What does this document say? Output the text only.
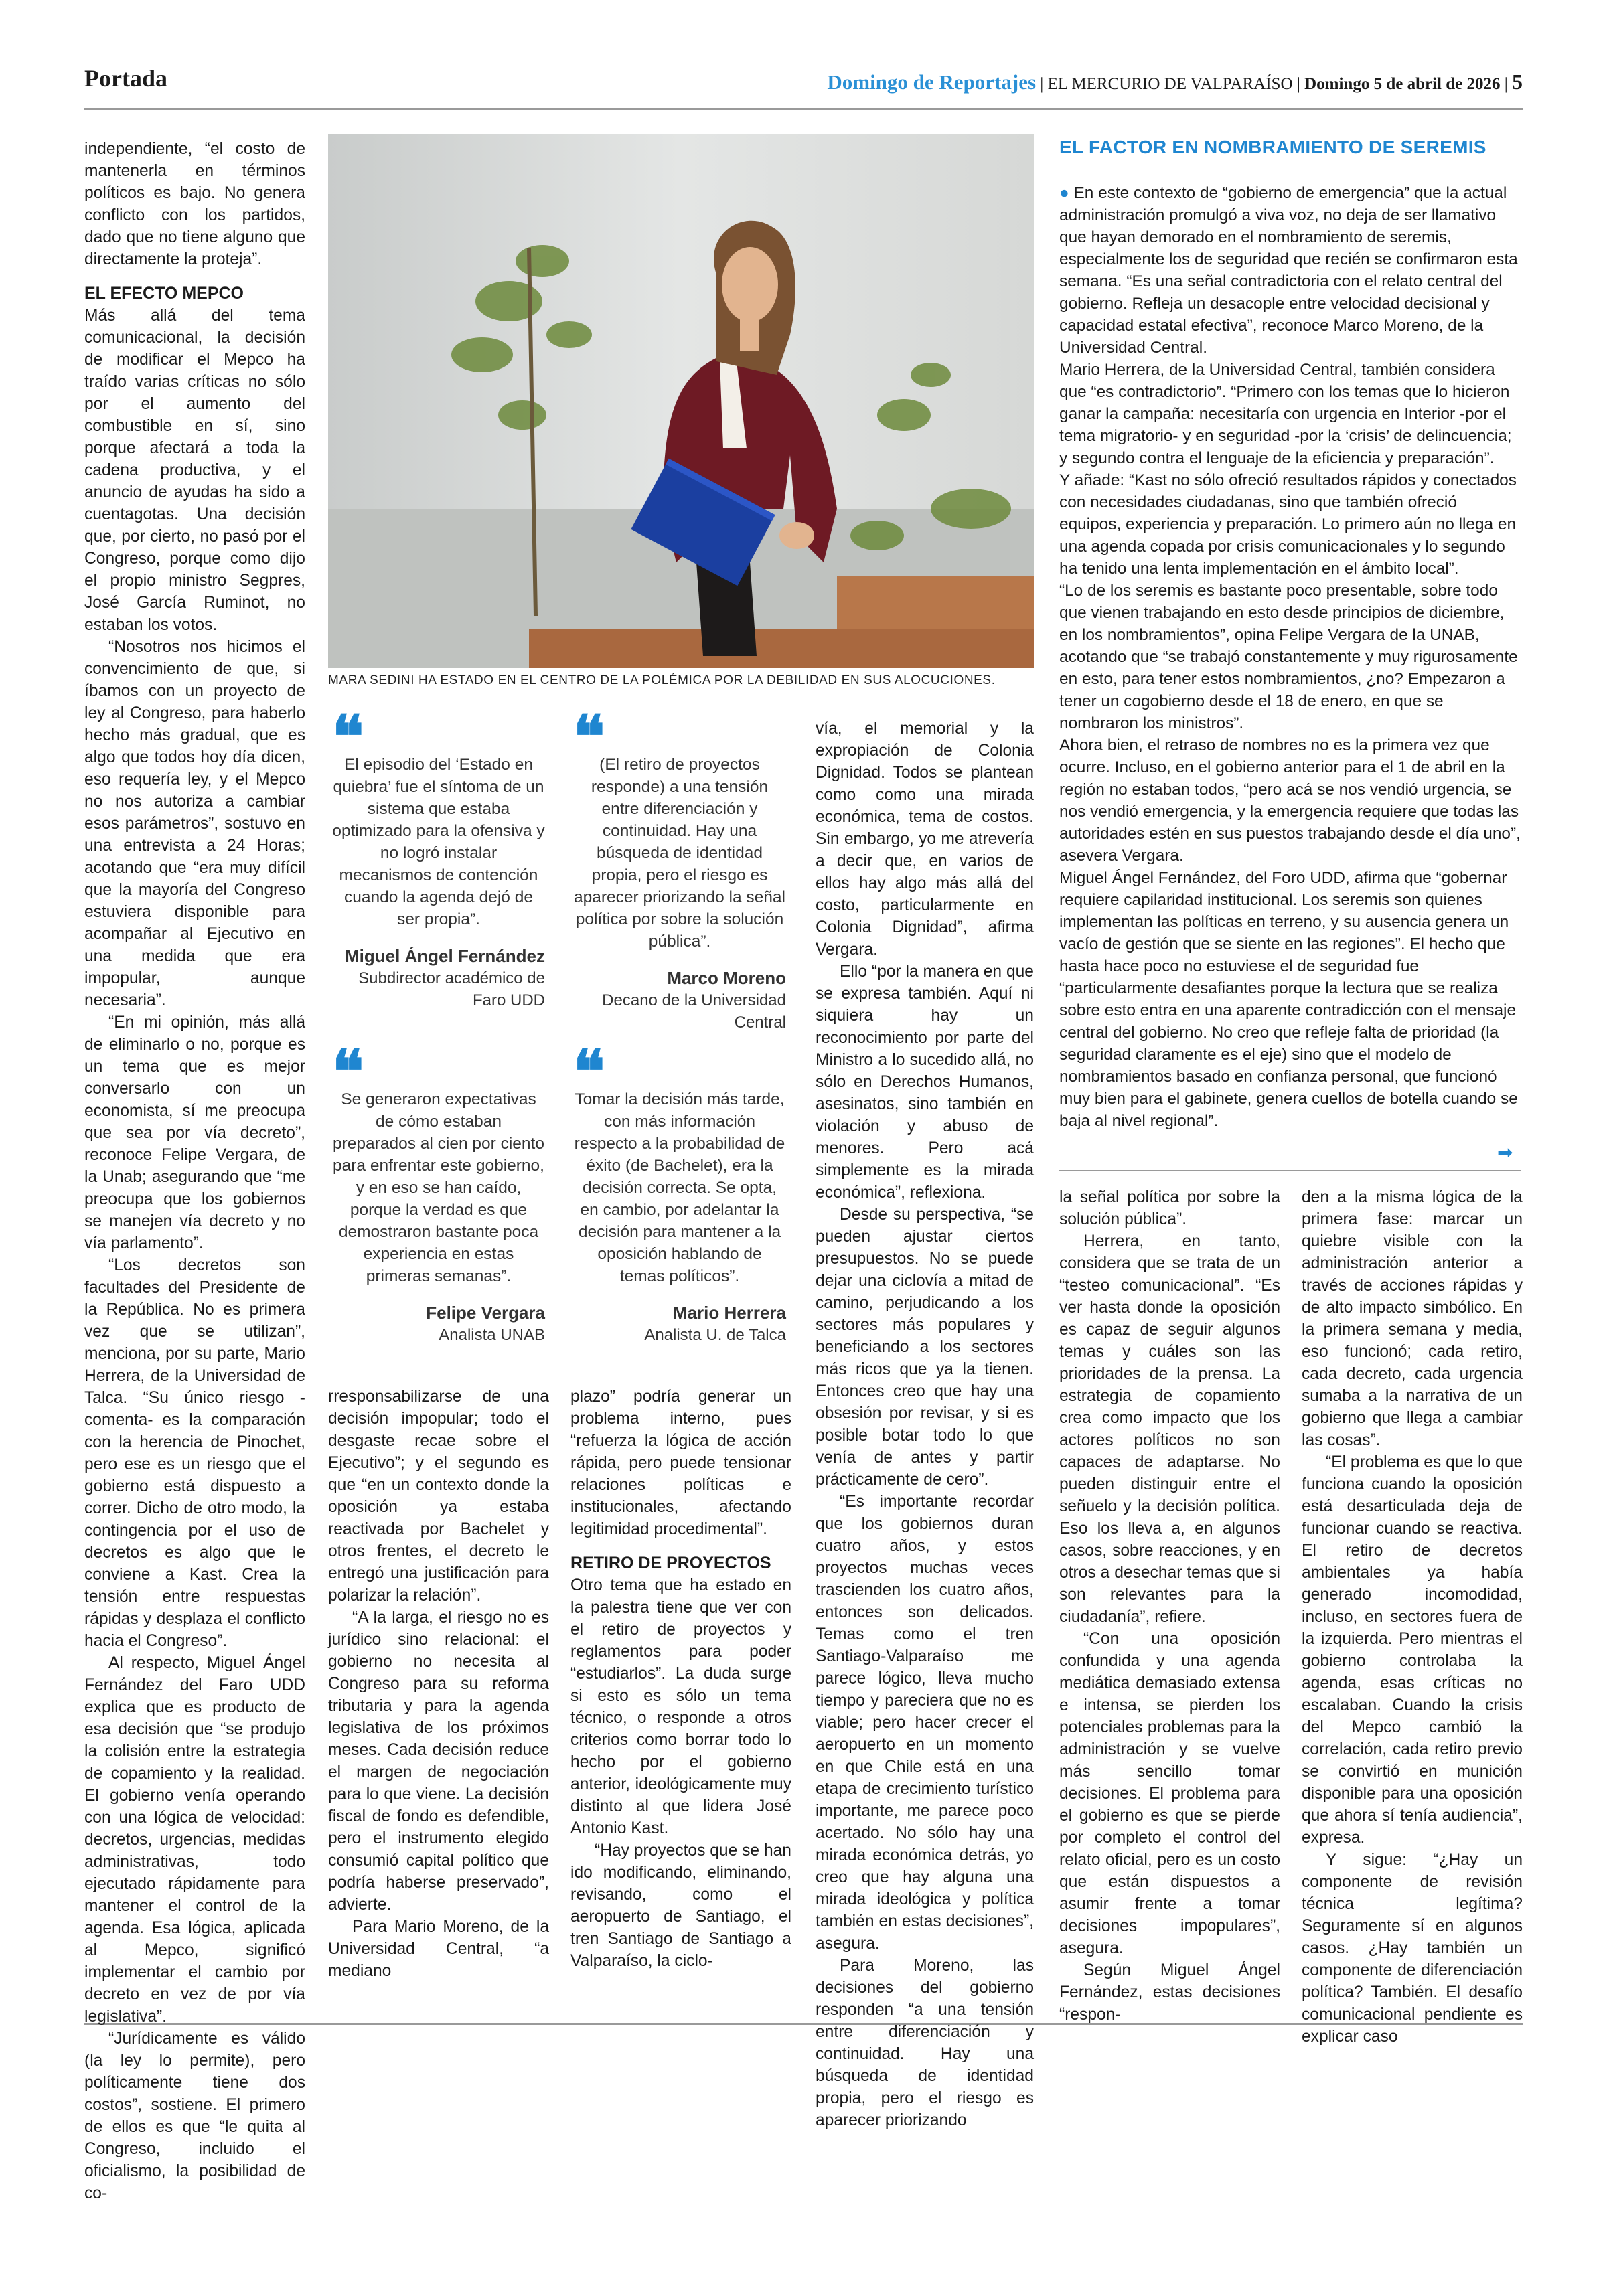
Portada	Domingo de Reportajes | EL MERCURIO DE VALPARAÍSO | Domingo 5 de abril de 2026 | 5

independiente, “el costo de mantenerla en términos políticos es bajo. No genera conflicto con los partidos, dado que no tiene alguno que directamente la proteja”.

EL EFECTO MEPCO

Más allá del tema comunicacional, la decisión de modificar el Mepco ha traído varias críticas no sólo por el aumento del combustible en sí, sino porque afectará a toda la cadena productiva, y el anuncio de ayudas ha sido a cuentagotas. Una decisión que, por cierto, no pasó por el Congreso, porque como dijo el propio ministro Segpres, José García Ruminot, no estaban los votos.

“Nosotros nos hicimos el convencimiento de que, si íbamos con un proyecto de ley al Congreso, para haberlo hecho más gradual, que es algo que todos hoy día dicen, eso requería ley, y el Mepco no nos autoriza a cambiar esos parámetros”, sostuvo en una entrevista a 24 Horas; acotando que “era muy difícil que la mayoría del Congreso estuviera disponible para acompañar al Ejecutivo en una medida que era impopular, aunque necesaria”.

“En mi opinión, más allá de eliminarlo o no, porque es un tema que es mejor conversarlo con un economista, sí me preocupa que sea por vía decreto”, reconoce Felipe Vergara, de la Unab; asegurando que “me preocupa que los gobiernos se manejen vía decreto y no vía parlamento”.

“Los decretos son facultades del Presidente de la República. No es primera vez que se utilizan”, menciona, por su parte, Mario Herrera, de la Universidad de Talca. “Su único riesgo -comenta- es la comparación con la herencia de Pinochet, pero ese es un riesgo que el gobierno está dispuesto a correr. Dicho de otro modo, la contingencia por el uso de decretos es algo que le conviene a Kast. Crea la tensión entre respuestas rápidas y desplaza el conflicto hacia el Congreso”.

Al respecto, Miguel Ángel Fernández del Faro UDD explica que es producto de esa decisión que “se produjo la colisión entre la estrategia de copamiento y la realidad. El gobierno venía operando con una lógica de velocidad: decretos, urgencias, medidas administrativas, todo ejecutado rápidamente para mantener el control de la agenda. Esa lógica, aplicada al Mepco, significó implementar el cambio por decreto en vez de por vía legislativa”.

“Jurídicamente es válido (la ley lo permite), pero políticamente tiene dos costos”, sostiene. El primero de ellos es que “le quita al Congreso, incluido el oficialismo, la posibilidad de co-

MARA SEDINI HA ESTADO EN EL CENTRO DE LA POLÉMICA POR LA DEBILIDAD EN SUS ALOCUCIONES.
❝
El episodio del ‘Estado en quiebra’ fue el síntoma de un sistema que estaba optimizado para la ofensiva y no logró instalar mecanismos de contención cuando la agenda dejó de ser propia”.
Miguel Ángel Fernández
Subdirector académico de Faro UDD
❝
(El retiro de proyectos responde) a una tensión entre diferenciación y continuidad. Hay una búsqueda de identidad propia, pero el riesgo es aparecer priorizando la señal política por sobre la solución pública”.
Marco Moreno
Decano de la Universidad Central
❝
Se generaron expectativas de cómo estaban preparados al cien por ciento para enfrentar este gobierno, y en eso se han caído, porque la verdad es que demostraron bastante poca experiencia en estas primeras semanas”.
Felipe Vergara
Analista UNAB
❝
Tomar la decisión más tarde, con más información respecto a la probabilidad de éxito (de Bachelet), era la decisión correcta. Se opta, en cambio, por adelantar la decisión para mantener a la oposición hablando de temas políticos”.
Mario Herrera
Analista U. de Talca

rresponsabilizarse de una decisión impopular; todo el desgaste recae sobre el Ejecutivo”; y el segundo es que “en un contexto donde la oposición ya estaba reactivada por Bachelet y otros frentes, el decreto le entregó una justificación para polarizar la relación”.

“A la larga, el riesgo no es jurídico sino relacional: el gobierno no necesita al Congreso para su reforma tributaria y para la agenda legislativa de los próximos meses. Cada decisión reduce el margen de negociación para lo que viene. La decisión fiscal de fondo es defendible, pero el instrumento elegido consumió capital político que podría haberse preservado”, advierte.

Para Mario Moreno, de la Universidad Central, “a mediano

plazo” podría generar un problema interno, pues “refuerza la lógica de acción rápida, pero puede tensionar relaciones políticas e institucionales, afectando legitimidad procedimental”.

RETIRO DE PROYECTOS

Otro tema que ha estado en la palestra tiene que ver con el retiro de proyectos y reglamentos para poder “estudiarlos”. La duda surge si esto es sólo un tema técnico, o responde a otros criterios como borrar todo lo hecho por el gobierno anterior, ideológicamente muy distinto al que lidera José Antonio Kast.

“Hay proyectos que se han ido modificando, eliminando, revisando, como el aeropuerto de Santiago, el tren Santiago de Santiago a Valparaíso, la ciclo-

vía, el memorial y la expropiación de Colonia Dignidad. Todos se plantean como como una mirada económica, tema de costos. Sin embargo, yo me atrevería a decir que, en varios de ellos hay algo más allá del costo, particularmente en Colonia Dignidad”, afirma Vergara.

Ello “por la manera en que se expresa también. Aquí ni siquiera hay un reconocimiento por parte del Ministro a lo sucedido allá, no sólo en Derechos Humanos, asesinatos, sino también en violación y abuso de menores. Pero acá simplemente es la mirada económica”, reflexiona.

Desde su perspectiva, “se pueden ajustar ciertos presupuestos. No se puede dejar una ciclovía a mitad de camino, perjudicando a los sectores más populares y beneficiando a los sectores más ricos que ya la tienen. Entonces creo que hay una obsesión por revisar, y si es posible botar todo lo que venía de antes y partir prácticamente de cero”.

“Es importante recordar que los gobiernos duran cuatro años, y estos proyectos muchas veces trascienden los cuatro años, entonces son delicados. Temas como el tren Santiago-Valparaíso me parece lógico, lleva mucho tiempo y pareciera que no es viable; pero hacer crecer el aeropuerto en un momento en que Chile está en una etapa de crecimiento turístico importante, me parece poco acertado. No sólo hay una mirada económica detrás, yo creo que hay alguna una mirada ideológica y política también en estas decisiones”, asegura.

Para Moreno, las decisiones del gobierno responden “a una tensión entre diferenciación y continuidad. Hay una búsqueda de identidad propia, pero el riesgo es aparecer priorizando

EL FACTOR EN NOMBRAMIENTO DE SEREMIS

● En este contexto de “gobierno de emergencia” que la actual administración promulgó a viva voz, no deja de ser llamativo que hayan demorado en el nombramiento de seremis, especialmente los de seguridad que recién se confirmaron esta semana. “Es una señal contradictoria con el relato central del gobierno. Refleja un desacople entre velocidad decisional y capacidad estatal efectiva”, reconoce Marco Moreno, de la Universidad Central.

Mario Herrera, de la Universidad Central, también considera que “es contradictorio”. “Primero con los temas que lo hicieron ganar la campaña: necesitaría con urgencia en Interior -por el tema migratorio- y en seguridad -por la ‘crisis’ de delincuencia; y segundo contra el lenguaje de la eficiencia y preparación”.

Y añade: “Kast no sólo ofreció resultados rápidos y conectados con necesidades ciudadanas, sino que también ofreció equipos, experiencia y preparación. Lo primero aún no llega en una agenda copada por crisis comunicacionales y lo segundo ha tenido una lenta implementación en el ámbito local”.

“Lo de los seremis es bastante poco presentable, sobre todo que vienen trabajando en esto desde principios de diciembre, en los nombramientos”, opina Felipe Vergara de la UNAB, acotando que “se trabajó constantemente y muy rigurosamente en esto, para tener estos nombramientos, ¿no? Empezaron a tener un cogobierno desde el 18 de enero, en que se nombraron los ministros”.

Ahora bien, el retraso de nombres no es la primera vez que ocurre. Incluso, en el gobierno anterior para el 1 de abril en la región no estaban todos, “pero acá se nos vendió urgencia, se nos vendió emergencia, y la emergencia requiere que todas las autoridades estén en sus puestos trabajando desde el día uno”, asevera Vergara.

Miguel Ángel Fernández, del Foro UDD, afirma que “gobernar requiere capilaridad institucional. Los seremis son quienes implementan las políticas en terreno, y su ausencia genera un vacío de gestión que se siente en las regiones”. El hecho que hasta hace poco no estuviese el de seguridad fue “particularmente desafiantes porque la lectura que se realiza sobre esto entra en una aparente contradicción con el mensaje central del gobierno. No creo que refleje falta de prioridad (la seguridad claramente es el eje) sino que el modelo de nombramientos basado en confianza personal, que funcionó muy bien para el gabinete, genera cuellos de botella cuando se baja al nivel regional”.

➡

la señal política por sobre la solución pública”.

Herrera, en tanto, considera que se trata de un “testeo comunicacional”. “Es ver hasta donde la oposición es capaz de seguir algunos temas y cuáles son las prioridades de la prensa. La estrategia de copamiento crea como impacto que los actores políticos no son capaces de adaptarse. No pueden distinguir entre el señuelo y la decisión política. Eso los lleva a, en algunos casos, sobre reacciones, y en otros a desechar temas que si son relevantes para la ciudadanía”, refiere.

“Con una oposición confundida y una agenda mediática demasiado extensa e intensa, se pierden los potenciales problemas para la administración y se vuelve más sencillo tomar decisiones. El problema para el gobierno es que se pierde por completo el control del relato oficial, pero es un costo que están dispuestos a asumir frente a tomar decisiones impopulares”, asegura.

Según Miguel Ángel Fernández, estas decisiones “respon-

den a la misma lógica de la primera fase: marcar un quiebre visible con la administración anterior a través de acciones rápidas y de alto impacto simbólico. En la primera semana y media, eso funcionó; cada retiro, cada decreto, cada urgencia sumaba a la narrativa de un gobierno que llega a cambiar las cosas”.

“El problema es que lo que funciona cuando la oposición está desarticulada deja de funcionar cuando se reactiva. El retiro de decretos ambientales ya había generado incomodidad, incluso, en sectores fuera de la izquierda. Pero mientras el gobierno controlaba la agenda, esas críticas no escalaban. Cuando la crisis del Mepco cambió la correlación, cada retiro previo se convirtió en munición disponible para una oposición que ahora sí tenía audiencia”, expresa.

Y sigue: “¿Hay un componente de revisión técnica legítima? Seguramente sí en algunos casos. ¿Hay también un componente de diferenciación política? También. El desafío comunicacional pendiente es explicar caso
